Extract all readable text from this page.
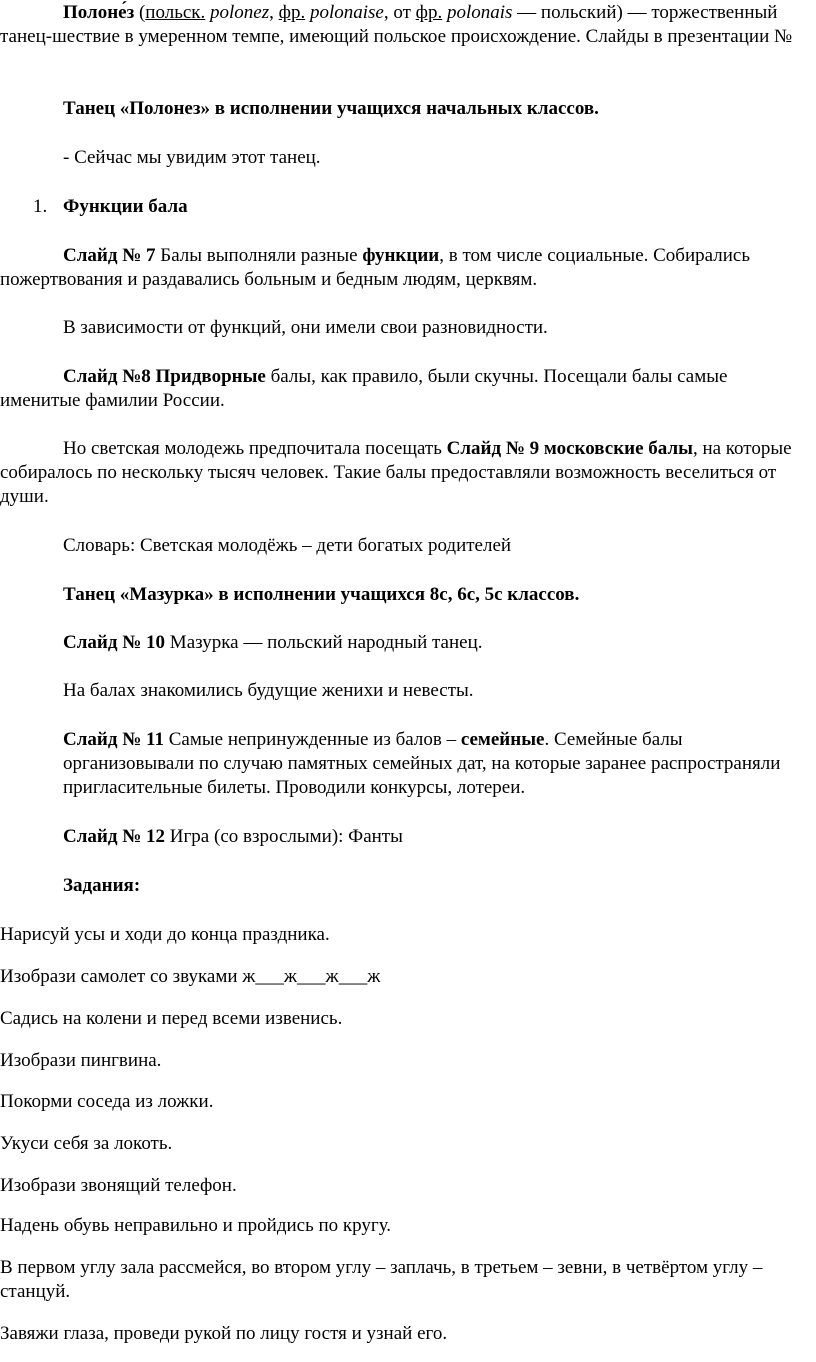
Полоне́з (польск. polonez, фр. polonaise, от фр. polonais — польский) — торжественный танец-шествие в умеренном темпе, имеющий польское происхождение. Слайды в презентации №

Танец «Полонез» в исполнении учащихся начальных классов.

- Сейчас мы увидим этот танец.

1. Функции бала

Слайд № 7 Балы выполняли разные функции, в том числе социальные. Собирались пожертвования и раздавались больным и бедным людям, церквям.

В зависимости от функций, они имели свои разновидности.

Слайд №8 Придворные балы, как правило, были скучны. Посещали балы самые именитые фамилии России.

Но светская молодежь предпочитала посещать Слайд № 9 московские балы, на которые собиралось по нескольку тысяч человек. Такие балы предоставляли возможность веселиться от души.

Словарь: Светская молодёжь – дети богатых родителей

Танец «Мазурка» в исполнении учащихся 8с, 6с, 5с классов.

Слайд № 10 Мазурка — польский народный танец.

На балах знакомились будущие женихи и невесты.

Слайд № 11 Самые непринужденные из балов – семейные. Семейные балы организовывали по случаю памятных семейных дат, на которые заранее распространяли пригласительные билеты. Проводили конкурсы, лотереи.

Слайд № 12 Игра (со взрослыми): Фанты

Задания:

Нарисуй усы и ходи до конца праздника.

Изобрази самолет со звуками ж___ж___ж___ж

Садись на колени и перед всеми извенись.

Изобрази пингвина.

Покорми соседа из ложки.

Укуси себя за локоть.

Изобрази звонящий телефон.

Надень обувь неправильно и пройдись по кругу.

В первом углу зала рассмейся, во втором углу – заплачь, в третьем – зевни, в четвёртом углу – станцуй.

Завяжи глаза, проведи рукой по лицу гостя и узнай его.
